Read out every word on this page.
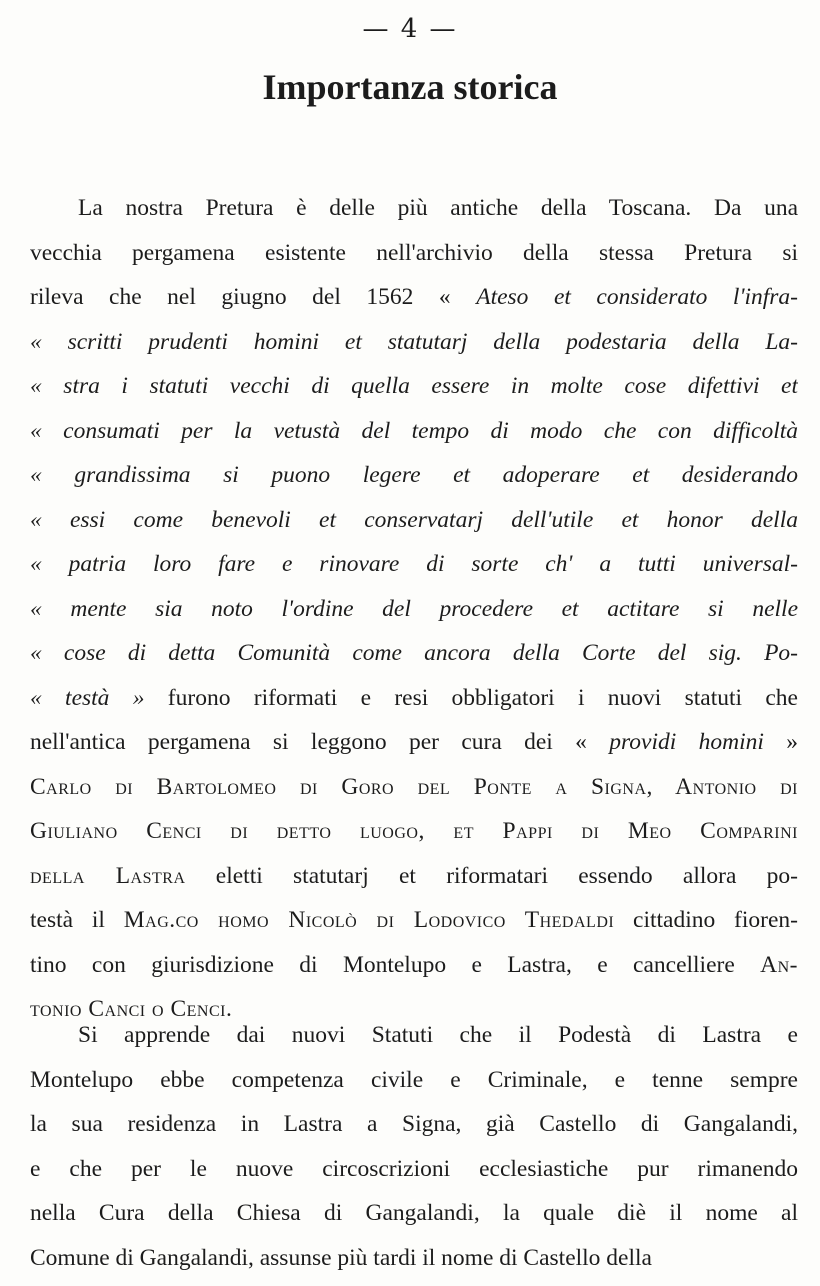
— 4 —
Importanza storica
La nostra Pretura è delle più antiche della Toscana. Da una
vecchia pergamena esistente nell'archivio della stessa Pretura si
rileva che nel giugno del 1562 « Ateso et considerato l'infra-
« scritti prudenti homini et statutarj della podestaria della La-
« stra i statuti vecchi di quella essere in molte cose difettivi et
« consumati per la vetustà del tempo di modo che con difficoltà
« grandissima si puono legere et adoperare et desiderando
« essi come benevoli et conservatarj dell'utile et honor della
« patria loro fare e rinovare di sorte ch' a tutti universal-
« mente sia noto l'ordine del procedere et actitare si nelle
« cose di detta Comunità come ancora della Corte del sig. Po-
« testà » furono riformati e resi obbligatori i nuovi statuti che
nell'antica pergamena si leggono per cura dei « providi homini »
Carlo di Bartolomeo di Goro del Ponte a Signa, Antonio di
Giuliano Cenci di detto luogo, et Pappi di Meo Comparini
della Lastra eletti statutarj et riformatari essendo allora po-
testà il Mag.co homo Nicolò di Lodovico Thedaldi cittadino fioren-
tino con giurisdizione di Montelupo e Lastra, e cancelliere An-
tonio Canci o Cenci.
Si apprende dai nuovi Statuti che il Podestà di Lastra e
Montelupo ebbe competenza civile e Criminale, e tenne sempre
la sua residenza in Lastra a Signa, già Castello di Gangalandi,
e che per le nuove circoscrizioni ecclesiastiche pur rimanendo
nella Cura della Chiesa di Gangalandi, la quale diè il nome al
Comune di Gangalandi, assunse più tardi il nome di Castello della
